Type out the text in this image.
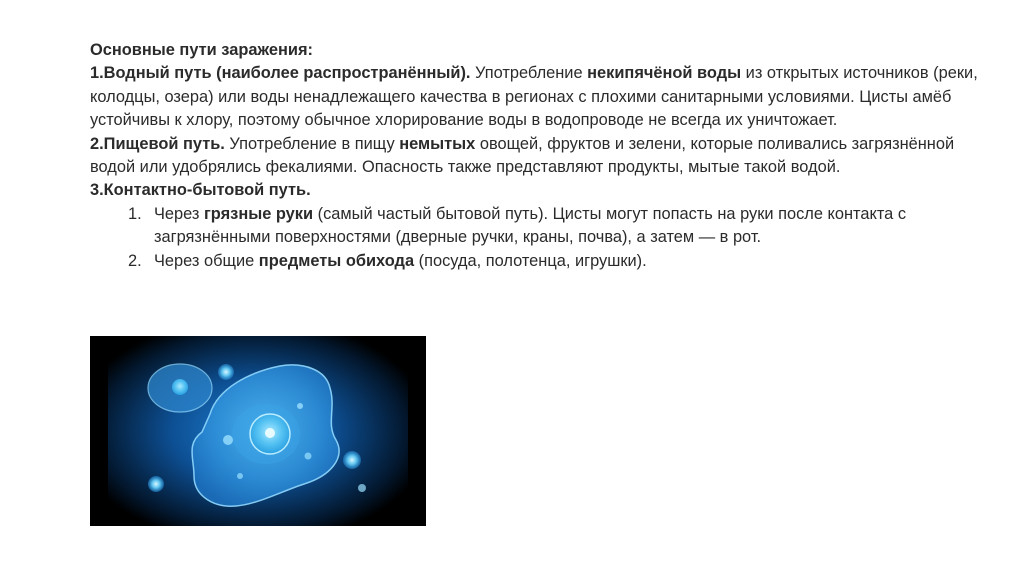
Основные пути заражения:

1.Водный путь (наиболее распространённый). Употребление некипячёной воды из открытых источников (реки, колодцы, озера) или воды ненадлежащего качества в регионах с плохими санитарными условиями. Цисты амёб устойчивы к хлору, поэтому обычное хлорирование воды в водопроводе не всегда их уничтожает.

2.Пищевой путь. Употребление в пищу немытых овощей, фруктов и зелени, которые поливались загрязнённой водой или удобрялись фекалиями. Опасность также представляют продукты, мытые такой водой.

3.Контактно-бытовой путь.

1. Через грязные руки (самый частый бытовой путь). Цисты могут попасть на руки после контакта с загрязнёнными поверхностями (дверные ручки, краны, почва), а затем — в рот.
2. Через общие предметы обихода (посуда, полотенца, игрушки).
